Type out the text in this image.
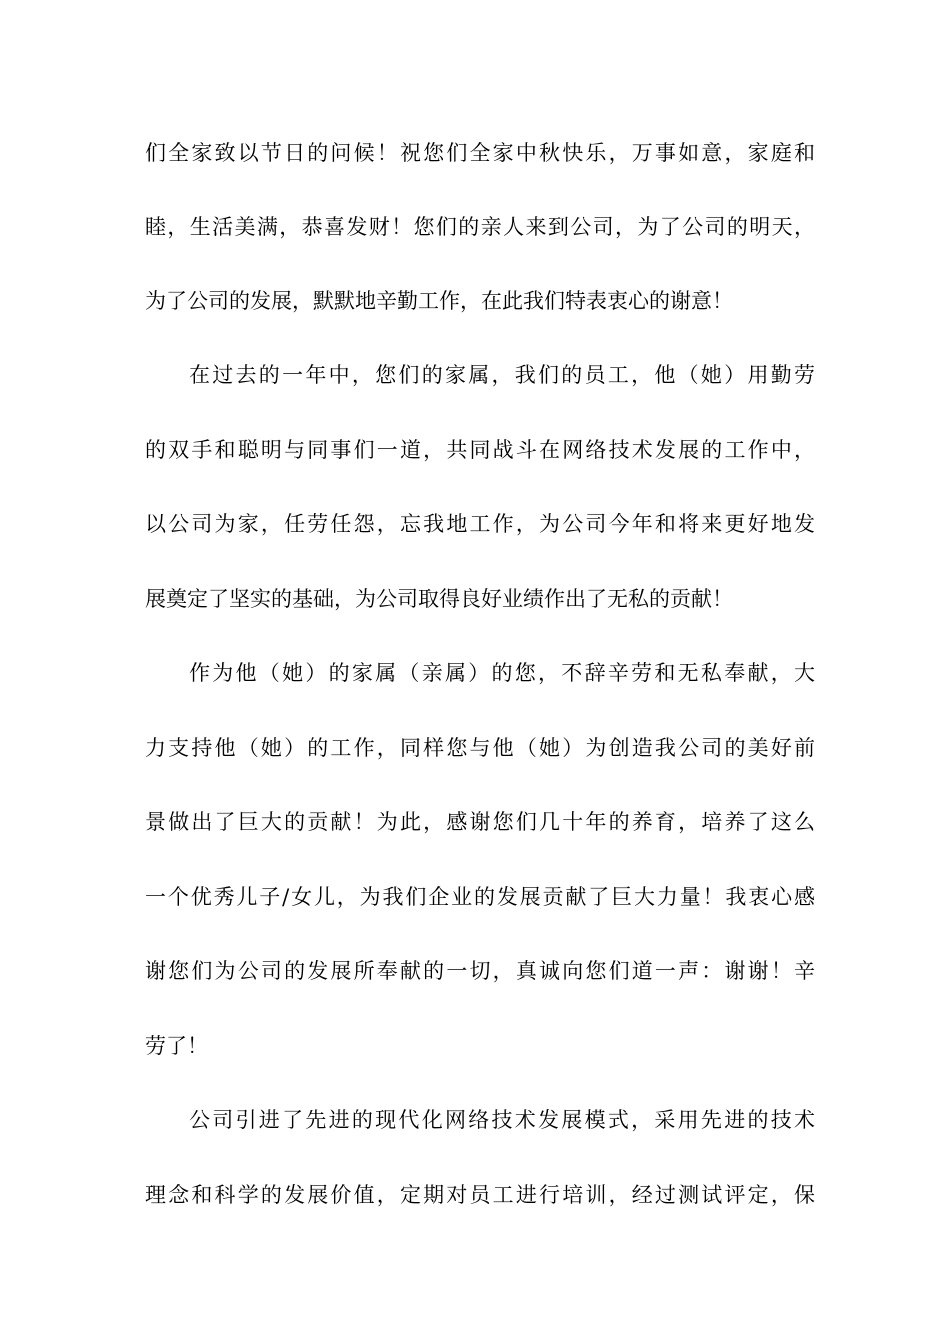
们全家致以节日的问候！祝您们全家中秋快乐，万事如意，家庭和
睦，生活美满，恭喜发财！您们的亲人来到公司，为了公司的明天，
为了公司的发展，默默地辛勤工作，在此我们特表衷心的谢意！
在过去的一年中，您们的家属，我们的员工，他（她）用勤劳
的双手和聪明与同事们一道，共同战斗在网络技术发展的工作中，
以公司为家，任劳任怨，忘我地工作，为公司今年和将来更好地发
展奠定了坚实的基础，为公司取得良好业绩作出了无私的贡献！
作为他（她）的家属（亲属）的您，不辞辛劳和无私奉献，大
力支持他（她）的工作，同样您与他（她）为创造我公司的美好前
景做出了巨大的贡献！为此，感谢您们几十年的养育，培养了这么
一个优秀儿子/女儿，为我们企业的发展贡献了巨大力量！我衷心感
谢您们为公司的发展所奉献的一切，真诚向您们道一声：谢谢！辛
劳了！
公司引进了先进的现代化网络技术发展模式，采用先进的技术
理念和科学的发展价值，定期对员工进行培训，经过测试评定，保
